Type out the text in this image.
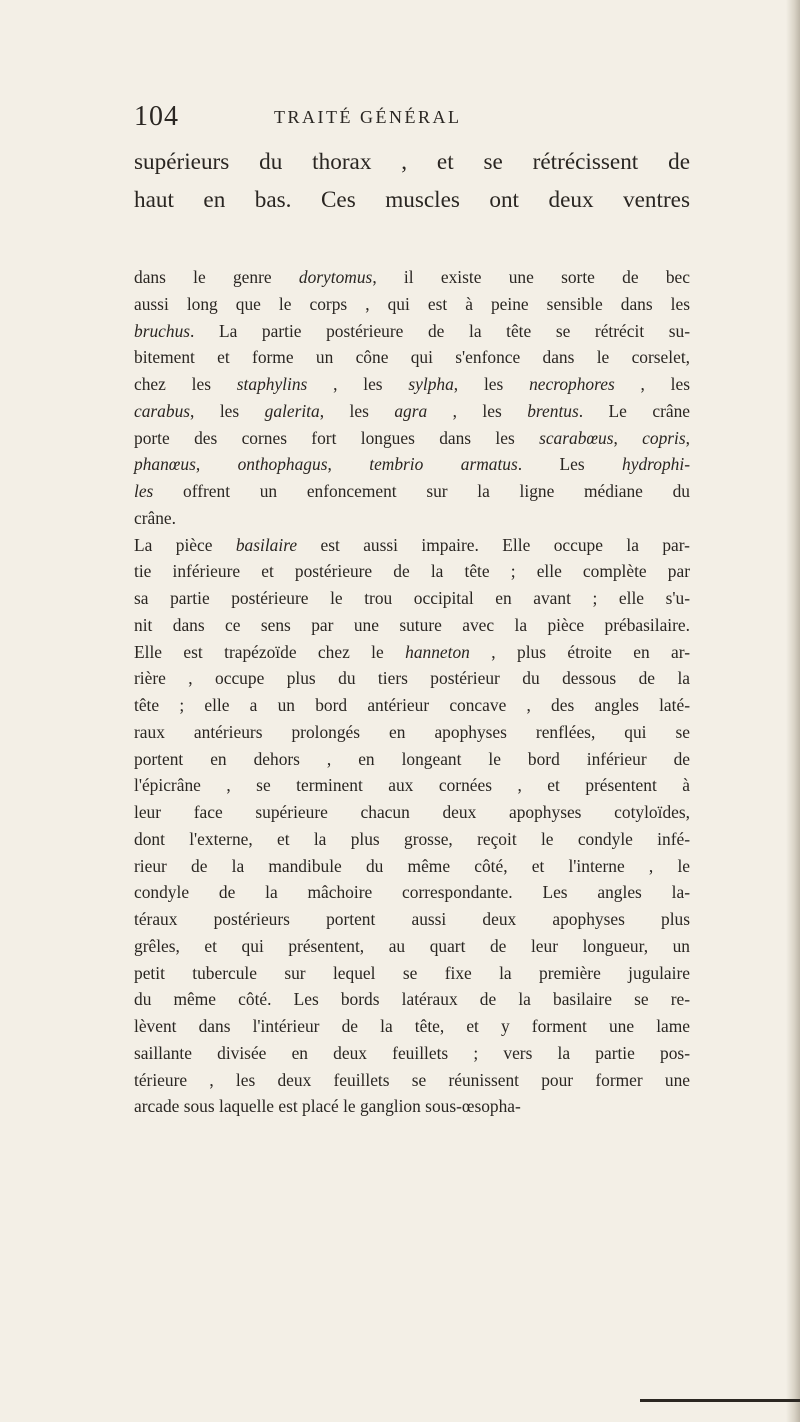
104	TRAITÉ GÉNÉRAL
supérieurs du thorax , et se rétrécissent de
haut en bas. Ces muscles ont deux ventres
dans le genre dorytomus, il existe une sorte de bec
aussi long que le corps , qui est à peine sensible dans les
bruchus. La partie postérieure de la tête se rétrécit su-
bitement et forme un cône qui s'enfonce dans le corselet,
chez les staphylins , les sylpha, les necrophores , les
carabus, les galerita, les agra , les brentus. Le crâne
porte des cornes fort longues dans les scarabœus, copris,
phanœus, onthophagus, tembrio armatus. Les hydrophi-
les offrent un enfoncement sur la ligne médiane du
crâne.
La pièce basilaire est aussi impaire. Elle occupe la par-
tie inférieure et postérieure de la tête ; elle complète par
sa partie postérieure le trou occipital en avant ; elle s'u-
nit dans ce sens par une suture avec la pièce prébasilaire.
Elle est trapézoïde chez le hanneton , plus étroite en ar-
rière , occupe plus du tiers postérieur du dessous de la
tête ; elle a un bord antérieur concave , des angles laté-
raux antérieurs prolongés en apophyses renflées, qui se
portent en dehors , en longeant le bord inférieur de
l'épicrâne , se terminent aux cornées , et présentent à
leur face supérieure chacun deux apophyses cotyloïdes,
dont l'externe, et la plus grosse, reçoit le condyle infé-
rieur de la mandibule du même côté, et l'interne , le
condyle de la mâchoire correspondante. Les angles la-
téraux postérieurs portent aussi deux apophyses plus
grêles, et qui présentent, au quart de leur longueur, un
petit tubercule sur lequel se fixe la première jugulaire
du même côté. Les bords latéraux de la basilaire se re-
lèvent dans l'intérieur de la tête, et y forment une lame
saillante divisée en deux feuillets ; vers la partie pos-
térieure , les deux feuillets se réunissent pour former une
arcade sous laquelle est placé le ganglion sous-œsopha-
